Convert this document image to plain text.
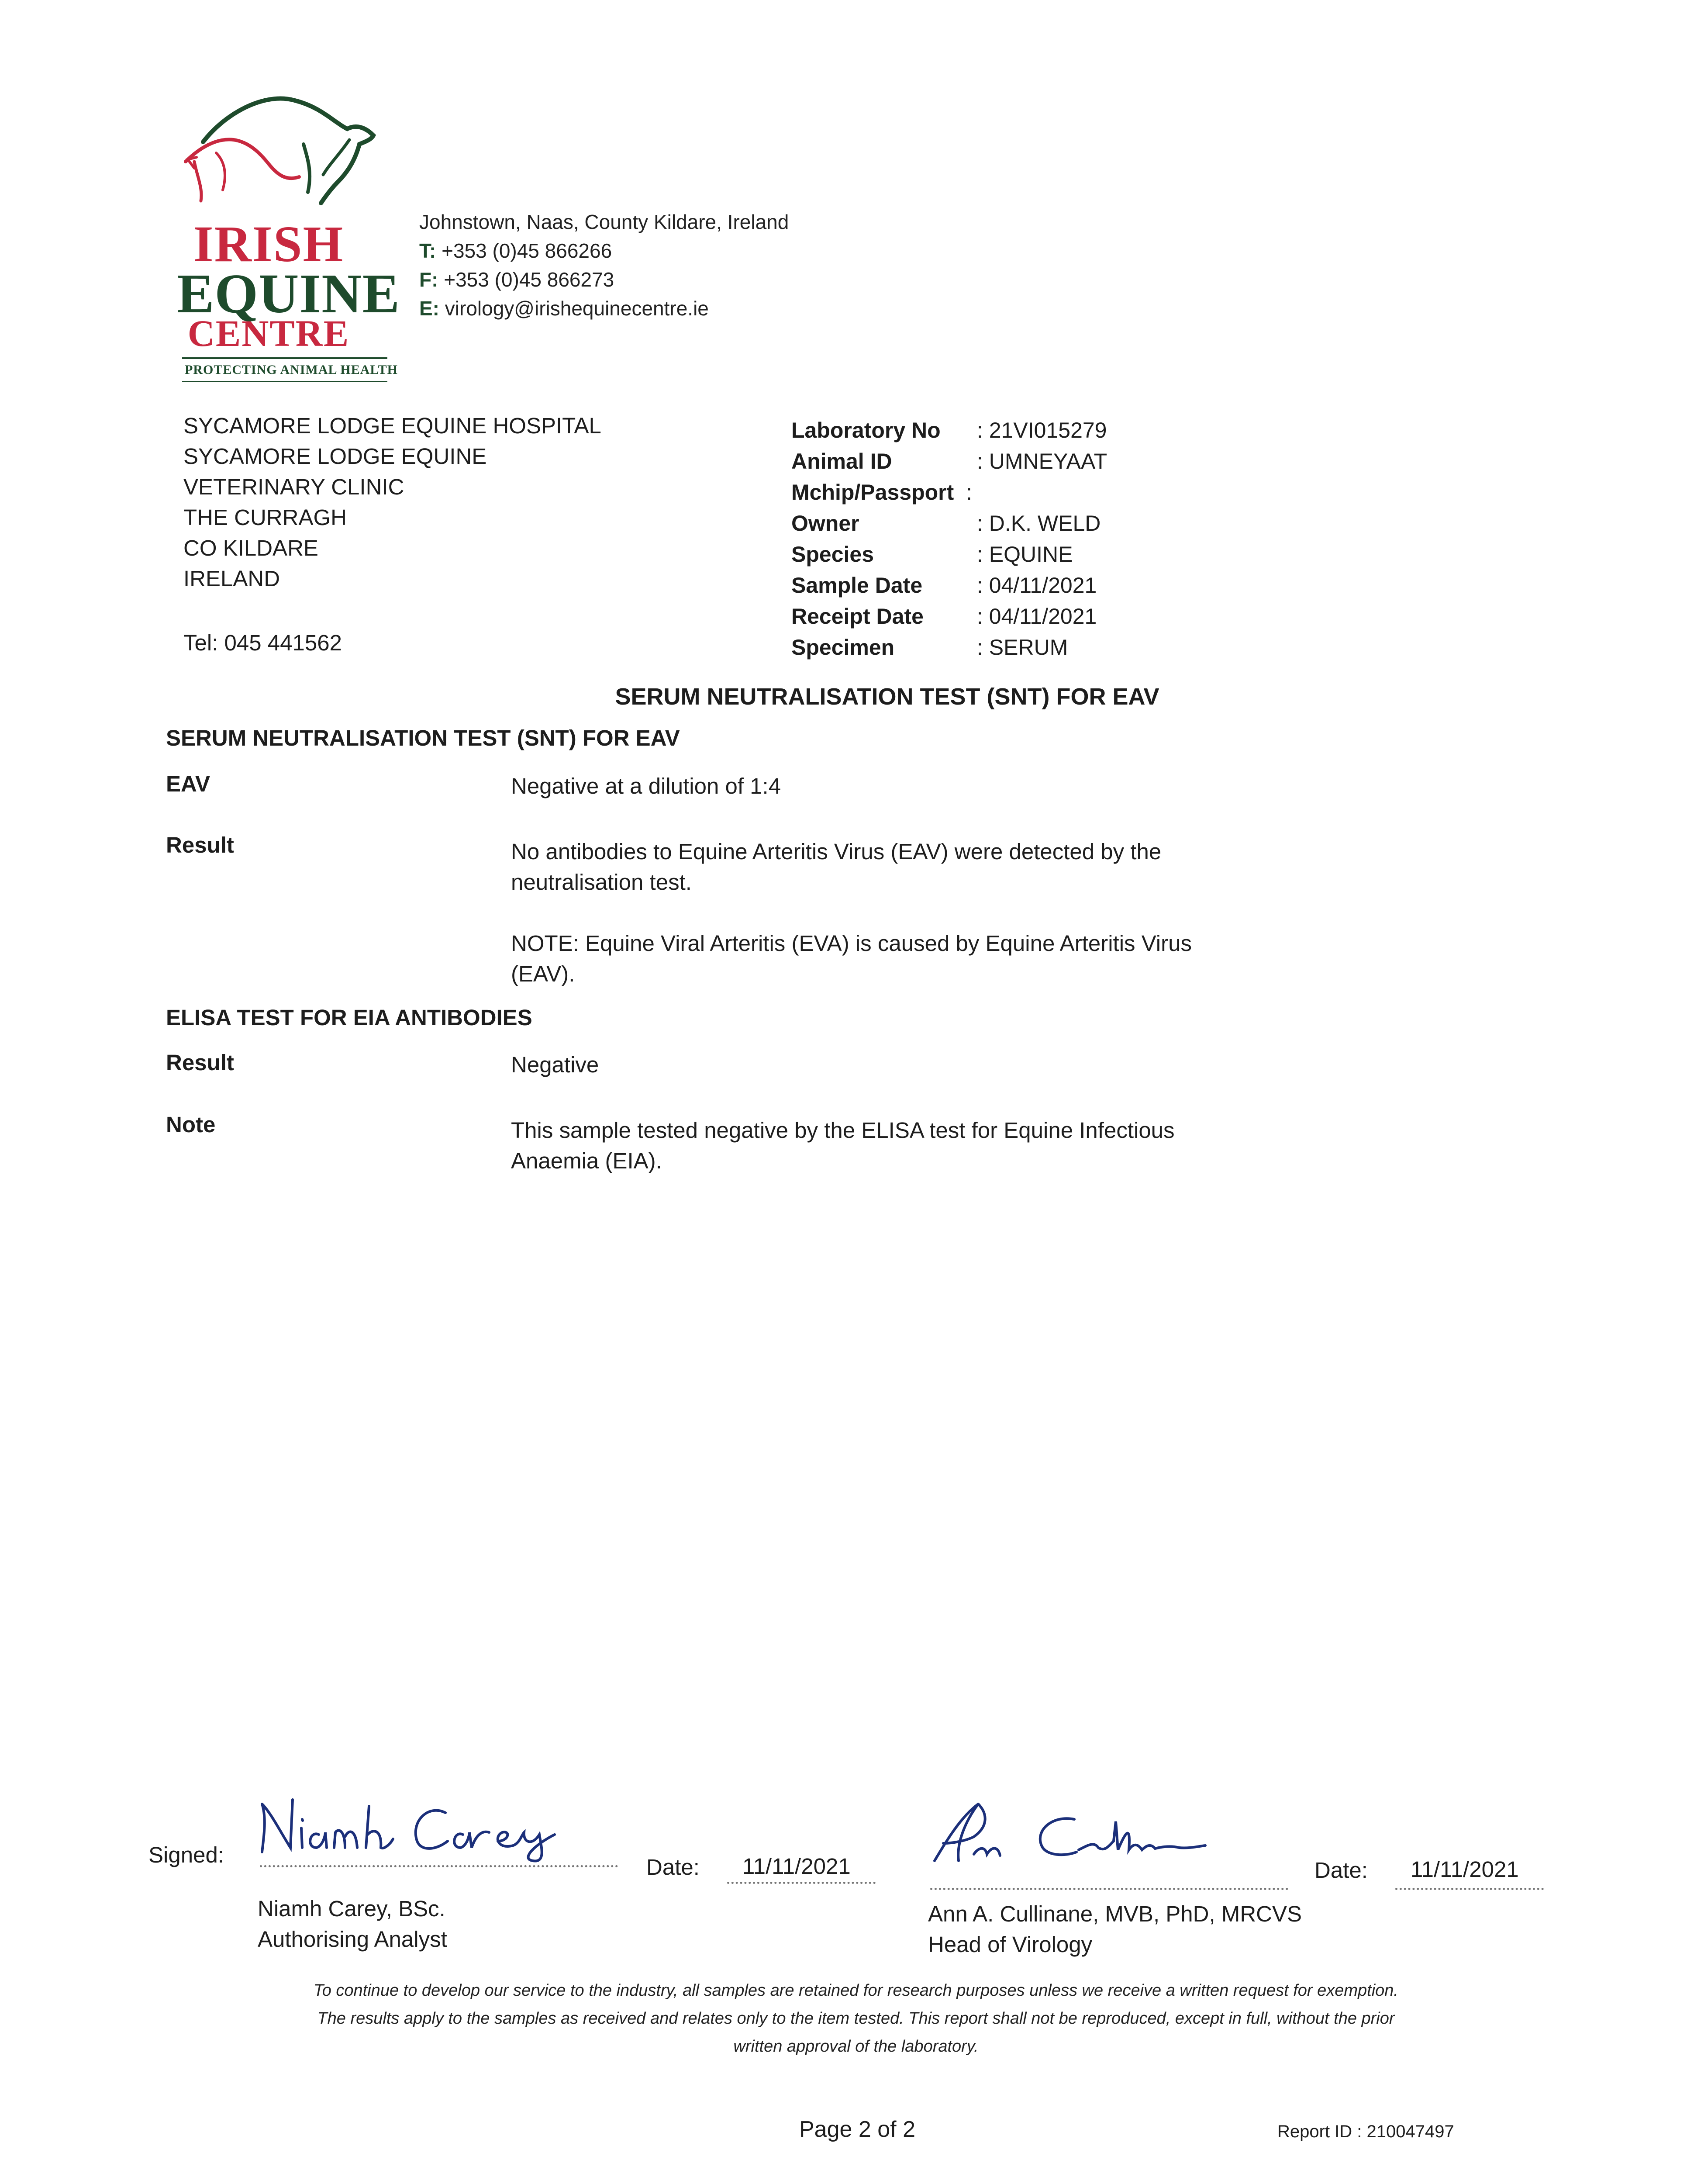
IRISH
EQUINE
CENTRE
PROTECTING ANIMAL HEALTH
Johnstown, Naas, County Kildare, Ireland
T: +353 (0)45 866266
F: +353 (0)45 866273
E: virology@irishequinecentre.ie
SYCAMORE LODGE EQUINE HOSPITAL
SYCAMORE LODGE EQUINE
VETERINARY CLINIC
THE CURRAGH
CO KILDARE
IRELAND
Tel: 045 441562
Laboratory No : 21VI015279
Animal ID	: UMNEYAAT
Mchip/Passport :
Owner	: D.K. WELD
Species	: EQUINE
Sample Date : 04/11/2021
Receipt Date : 04/11/2021
Specimen	: SERUM
SERUM NEUTRALISATION TEST (SNT) FOR EAV
SERUM NEUTRALISATION TEST (SNT) FOR EAV
EAV	Negative at a dilution of 1:4
Result	No antibodies to Equine Arteritis Virus (EAV) were detected by the
neutralisation test.
NOTE: Equine Viral Arteritis (EVA) is caused by Equine Arteritis Virus
(EAV).
ELISA TEST FOR EIA ANTIBODIES
Result	Negative
Note	This sample tested negative by the ELISA test for Equine Infectious
Anaemia (EIA).
Signed:	Date: 11/11/2021
Niamh Carey, BSc.
Authorising Analyst
Date: 11/11/2021
Ann A. Cullinane, MVB, PhD, MRCVS
Head of Virology
To continue to develop our service to the industry, all samples are retained for research purposes unless we receive a written request for exemption.
The results apply to the samples as received and relates only to the item tested. This report shall not be reproduced, except in full, without the prior
written approval of the laboratory.
Page 2 of 2	Report ID : 210047497
